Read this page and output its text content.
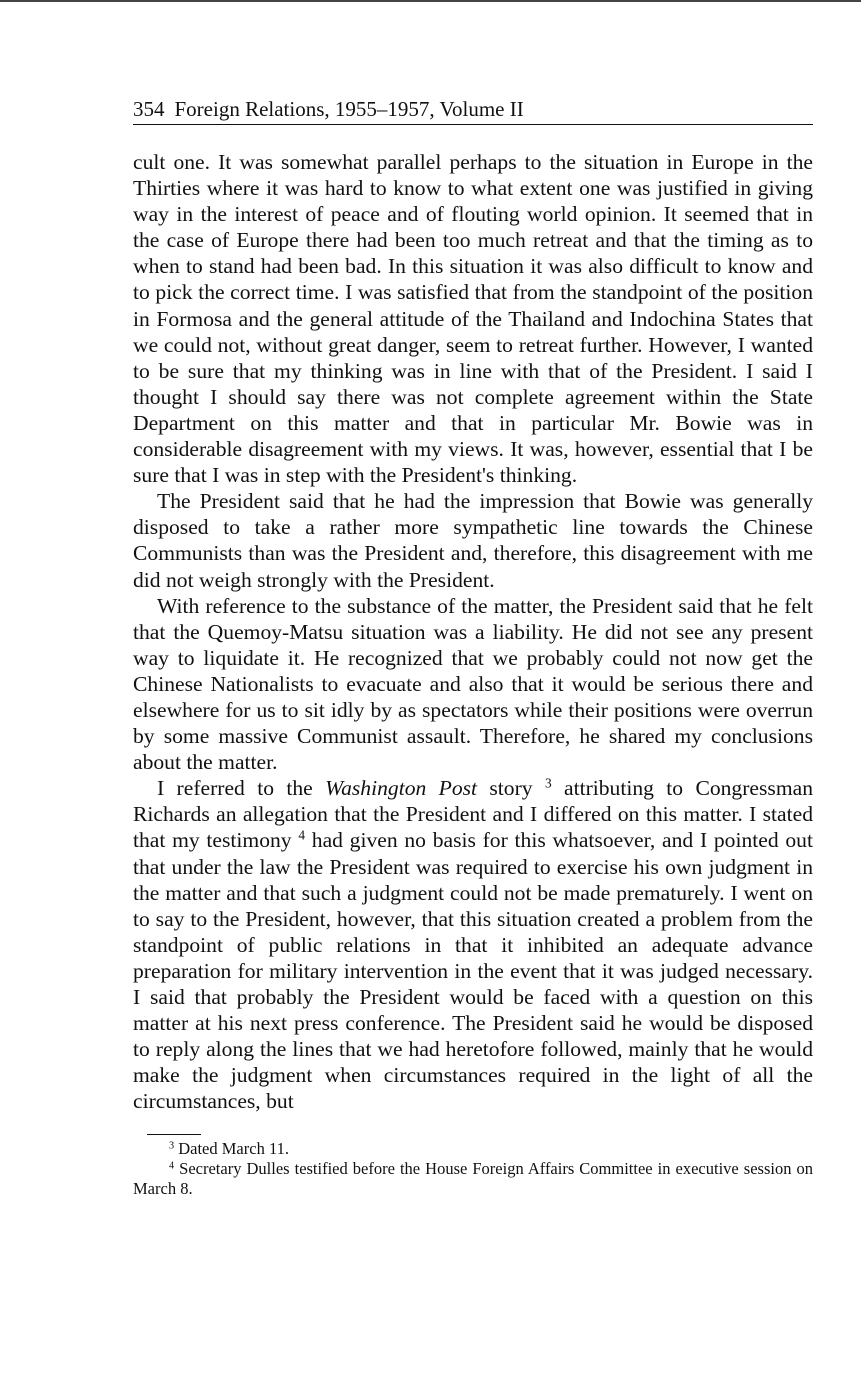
354 Foreign Relations, 1955–1957, Volume II

cult one. It was somewhat parallel perhaps to the situation in Europe in the Thirties where it was hard to know to what extent one was justified in giving way in the interest of peace and of flouting world opinion. It seemed that in the case of Europe there had been too much retreat and that the timing as to when to stand had been bad. In this situation it was also difficult to know and to pick the correct time. I was satisfied that from the standpoint of the position in Formosa and the general attitude of the Thailand and Indochina States that we could not, without great danger, seem to retreat further. However, I wanted to be sure that my thinking was in line with that of the President. I said I thought I should say there was not complete agreement within the State Department on this matter and that in particular Mr. Bowie was in considerable disagreement with my views. It was, however, essential that I be sure that I was in step with the President's thinking.

The President said that he had the impression that Bowie was generally disposed to take a rather more sympathetic line towards the Chinese Communists than was the President and, therefore, this disagreement with me did not weigh strongly with the President.

With reference to the substance of the matter, the President said that he felt that the Quemoy-Matsu situation was a liability. He did not see any present way to liquidate it. He recognized that we probably could not now get the Chinese Nationalists to evacuate and also that it would be serious there and elsewhere for us to sit idly by as spectators while their positions were overrun by some massive Communist assault. Therefore, he shared my conclusions about the matter.

I referred to the Washington Post story $^3$ attributing to Congressman Richards an allegation that the President and I differed on this matter. I stated that my testimony $^4$ had given no basis for this whatsoever, and I pointed out that under the law the President was required to exercise his own judgment in the matter and that such a judgment could not be made prematurely. I went on to say to the President, however, that this situation created a problem from the standpoint of public relations in that it inhibited an adequate advance preparation for military intervention in the event that it was judged necessary. I said that probably the President would be faced with a question on this matter at his next press conference. The President said he would be disposed to reply along the lines that we had heretofore followed, mainly that he would make the judgment when circumstances required in the light of all the circumstances, but

$^3$ Dated March 11.

$^4$ Secretary Dulles testified before the House Foreign Affairs Committee in executive session on March 8.
